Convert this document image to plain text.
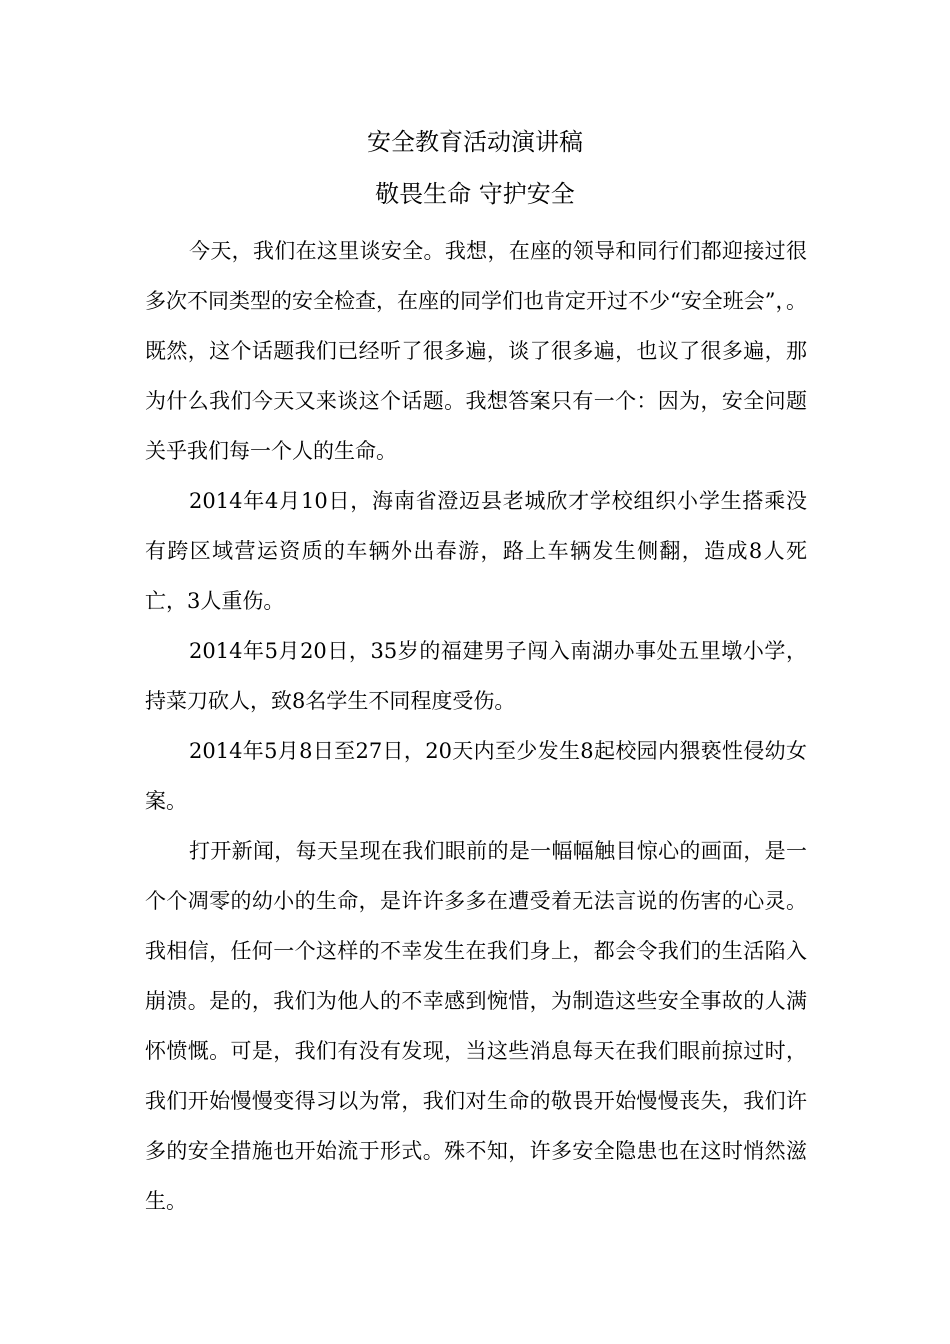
安全教育活动演讲稿
敬畏生命 守护安全

今天，我们在这里谈安全。我想，在座的领导和同行们都迎接过很多次不同类型的安全检查，在座的同学们也肯定开过不少“安全班会”，。既然，这个话题我们已经听了很多遍，谈了很多遍，也议了很多遍，那为什么我们今天又来谈这个话题。我想答案只有一个：因为，安全问题关乎我们每一个人的生命。

2014年4月10日，海南省澄迈县老城欣才学校组织小学生搭乘没有跨区域营运资质的车辆外出春游，路上车辆发生侧翻，造成8人死亡，3人重伤。

2014年5月20日，35岁的福建男子闯入南湖办事处五里墩小学，持菜刀砍人，致8名学生不同程度受伤。

2014年5月8日至27日，20天内至少发生8起校园内猥亵性侵幼女案。

打开新闻，每天呈现在我们眼前的是一幅幅触目惊心的画面，是一个个凋零的幼小的生命，是许许多多在遭受着无法言说的伤害的心灵。我相信，任何一个这样的不幸发生在我们身上，都会令我们的生活陷入崩溃。是的，我们为他人的不幸感到惋惜，为制造这些安全事故的人满怀愤慨。可是，我们有没有发现，当这些消息每天在我们眼前掠过时，我们开始慢慢变得习以为常，我们对生命的敬畏开始慢慢丧失，我们许多的安全措施也开始流于形式。殊不知，许多安全隐患也在这时悄然滋生。
